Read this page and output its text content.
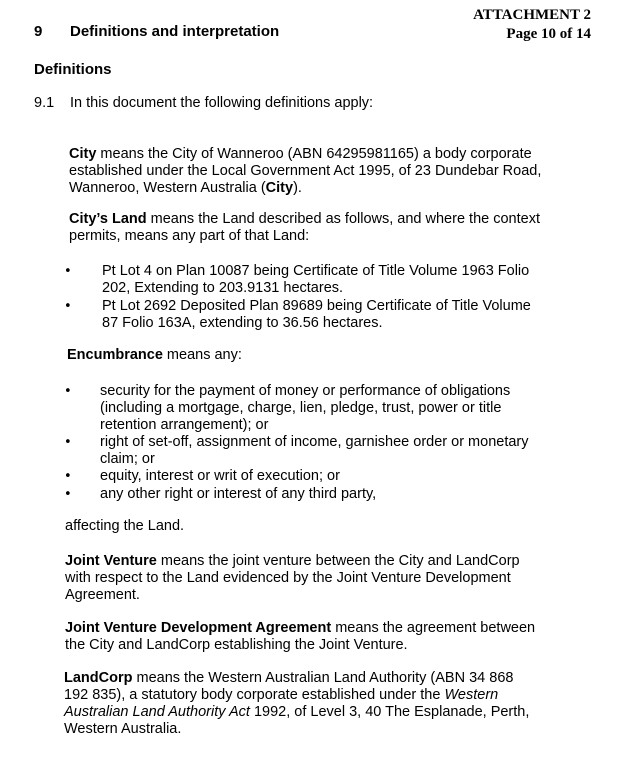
ATTACHMENT 2
Page 10 of 14
9 Definitions and interpretation
Definitions
9.1 In this document the following definitions apply:
City means the City of Wanneroo (ABN 64295981165) a body corporate
established under the Local Government Act 1995, of 23 Dundebar Road,
Wanneroo, Western Australia (City).
City’s Land means the Land described as follows, and where the context
permits, means any part of that Land:
• Pt Lot 4 on Plan 10087 being Certificate of Title Volume 1963 Folio
202, Extending to 203.9131 hectares.
• Pt Lot 2692 Deposited Plan 89689 being Certificate of Title Volume
87 Folio 163A, extending to 36.56 hectares.
Encumbrance means any:
• security for the payment of money or performance of obligations
(including a mortgage, charge, lien, pledge, trust, power or title
retention arrangement); or
• right of set-off, assignment of income, garnishee order or monetary
claim; or
• equity, interest or writ of execution; or
• any other right or interest of any third party,
affecting the Land.
Joint Venture means the joint venture between the City and LandCorp
with respect to the Land evidenced by the Joint Venture Development
Agreement.
Joint Venture Development Agreement means the agreement between
the City and LandCorp establishing the Joint Venture.
LandCorp means the Western Australian Land Authority (ABN 34 868
192 835), a statutory body corporate established under the Western
Australian Land Authority Act 1992, of Level 3, 40 The Esplanade, Perth,
Western Australia.
